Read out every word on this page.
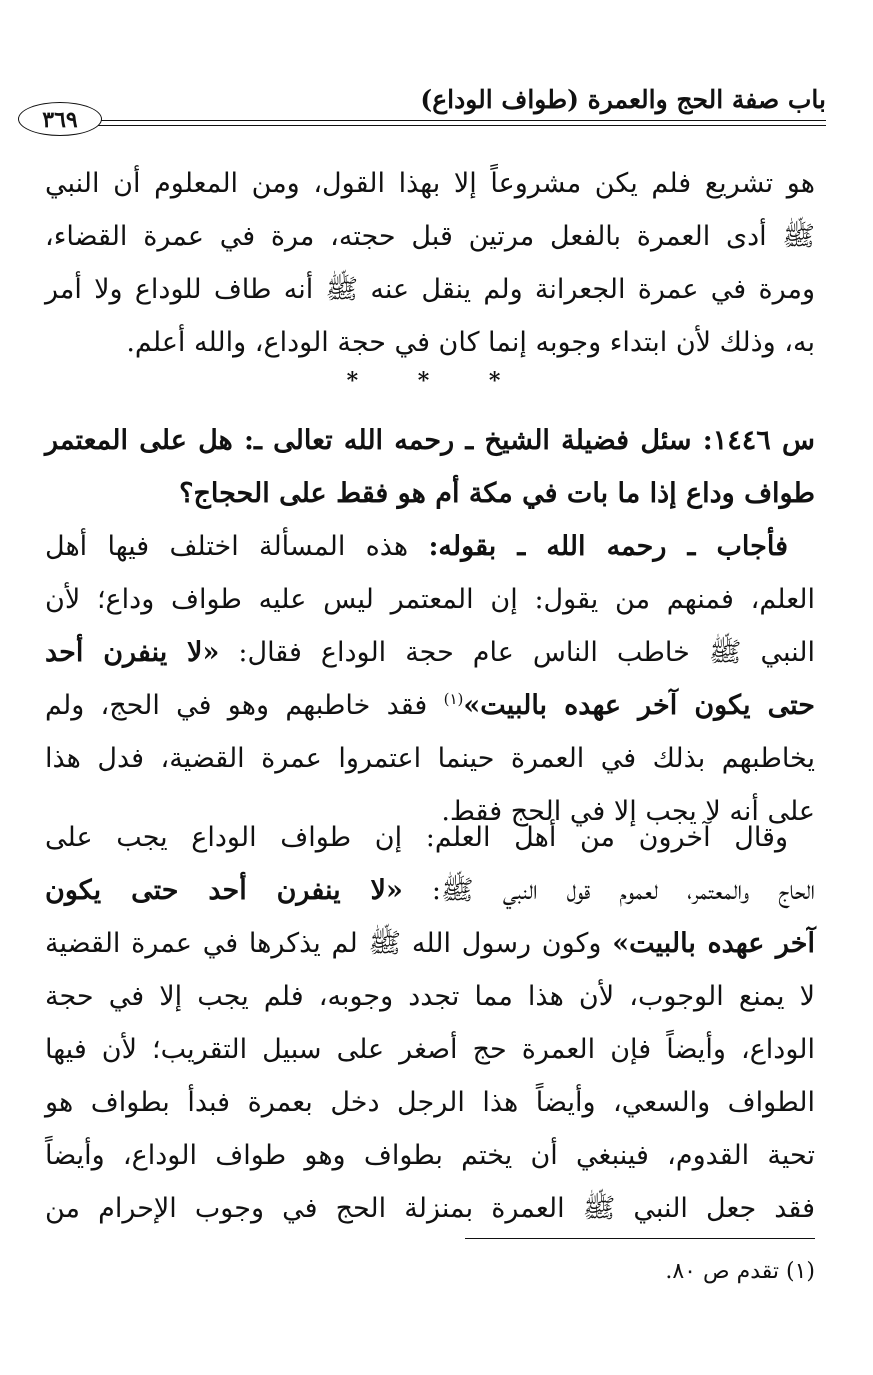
باب صفة الحج والعمرة (طواف الوداع)
٣٦٩
هو تشريع فلم يكن مشروعاً إلا بهذا القول، ومن المعلوم أن النبي
ﷺ أدى العمرة بالفعل مرتين قبل حجته، مرة في عمرة القضاء،
ومرة في عمرة الجعرانة ولم ينقل عنه ﷺ أنه طاف للوداع ولا أمر
به، وذلك لأن ابتداء وجوبه إنما كان في حجة الوداع، والله أعلم.
* * *
س ١٤٤٦: سئل فضيلة الشيخ ـ رحمه الله تعالى ـ: هل على المعتمر
طواف وداع إذا ما بات في مكة أم هو فقط على الحجاج؟
 فأجاب ـ رحمه الله ـ بقوله: هذه المسألة اختلف فيها أهل
العلم، فمنهم من يقول: إن المعتمر ليس عليه طواف وداع؛ لأن
النبي ﷺ خاطب الناس عام حجة الوداع فقال: «لا ينفرن أحد
حتى يكون آخر عهده بالبيت»$^{(١)}$ فقد خاطبهم وهو في الحج، ولم
يخاطبهم بذلك في العمرة حينما اعتمروا عمرة القضية، فدل هذا
على أنه لا يجب إلا في الحج فقط.
 وقال آخرون من أهل العلم: إن طواف الوداع يجب على
الحاج والمعتمر، لعموم قول النبي ﷺ: «لا ينفرن أحد حتى يكون
آخر عهده بالبيت» وكون رسول الله ﷺ لم يذكرها في عمرة القضية
لا يمنع الوجوب، لأن هذا مما تجدد وجوبه، فلم يجب إلا في حجة
الوداع، وأيضاً فإن العمرة حج أصغر على سبيل التقريب؛ لأن فيها
الطواف والسعي، وأيضاً هذا الرجل دخل بعمرة فبدأ بطواف هو
تحية القدوم، فينبغي أن يختم بطواف وهو طواف الوداع، وأيضاً
فقد جعل النبي ﷺ العمرة بمنزلة الحج في وجوب الإحرام من
(١) تقدم ص ٨٠.
